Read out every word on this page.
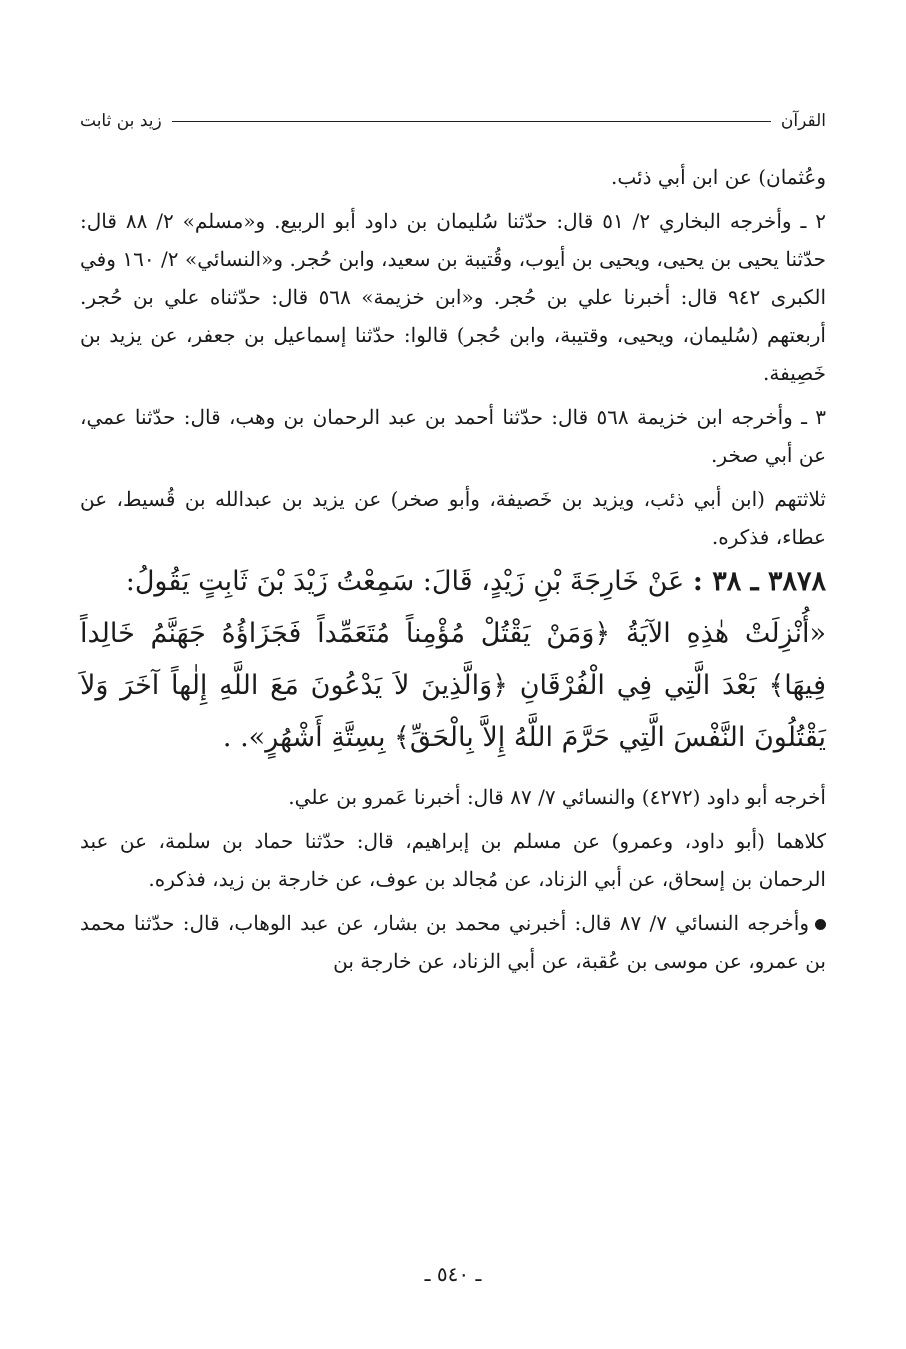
القرآن
زيد بن ثابت

وعُثمان) عن ابن أبي ذئب.

٢ ـ وأخرجه البخاري ٢/ ٥١ قال: حدّثنا سُليمان بن داود أبو الربيع. و«مسلم» ٢/ ٨٨ قال: حدّثنا يحيى بن يحيى، ويحيى بن أيوب، وقُتيبة بن سعيد، وابن حُجر. و«النسائي» ٢/ ١٦٠ وفي الكبرى ٩٤٢ قال: أخبرنا علي بن حُجر. و«ابن خزيمة» ٥٦٨ قال: حدّثناه علي بن حُجر. أربعتهم (سُليمان، ويحيى، وقتيبة، وابن حُجر) قالوا: حدّثنا إسماعيل بن جعفر، عن يزيد بن خَصِيفة.

٣ ـ وأخرجه ابن خزيمة ٥٦٨ قال: حدّثنا أحمد بن عبد الرحمان بن وهب، قال: حدّثنا عمي، عن أبي صخر.

ثلاثتهم (ابن أبي ذئب، ويزيد بن خَصيفة، وأبو صخر) عن يزيد بن عبدالله بن قُسيط، عن عطاء، فذكره.

٣٨٧٨ ـ ٣٨ : عَنْ خَارِجَةَ بْنِ زَيْدٍ، قَالَ: سَمِعْتُ زَيْدَ بْنَ ثَابِتٍ يَقُولُ:

«أُنْزِلَتْ هٰذِهِ الآيَةُ ﴿وَمَنْ يَقْتُلْ مُؤْمِناً مُتَعَمِّداً فَجَزَاؤُهُ جَهَنَّمُ خَالِداً فِيهَا﴾ بَعْدَ الَّتِي فِي الْفُرْقَانِ ﴿وَالَّذِينَ لاَ يَدْعُونَ مَعَ اللَّهِ إِلٰهاً آخَرَ وَلاَ يَقْتُلُونَ النَّفْسَ الَّتِي حَرَّمَ اللَّهُ إِلاَّ بِالْحَقِّ﴾ بِسِتَّةِ أَشْهُرٍ». .

أخرجه أبو داود (٤٢٧٢) والنسائي ٧/ ٨٧ قال: أخبرنا عَمرو بن علي.

كلاهما (أبو داود، وعمرو) عن مسلم بن إبراهيم، قال: حدّثنا حماد بن سلمة، عن عبد الرحمان بن إسحاق، عن أبي الزناد، عن مُجالد بن عوف، عن خارجة بن زيد، فذكره.

وأخرجه النسائي ٧/ ٨٧ قال: أخبرني محمد بن بشار، عن عبد الوهاب، قال: حدّثنا محمد بن عمرو، عن موسى بن عُقبة، عن أبي الزناد، عن خارجة بن

ـ ٥٤٠ ـ
